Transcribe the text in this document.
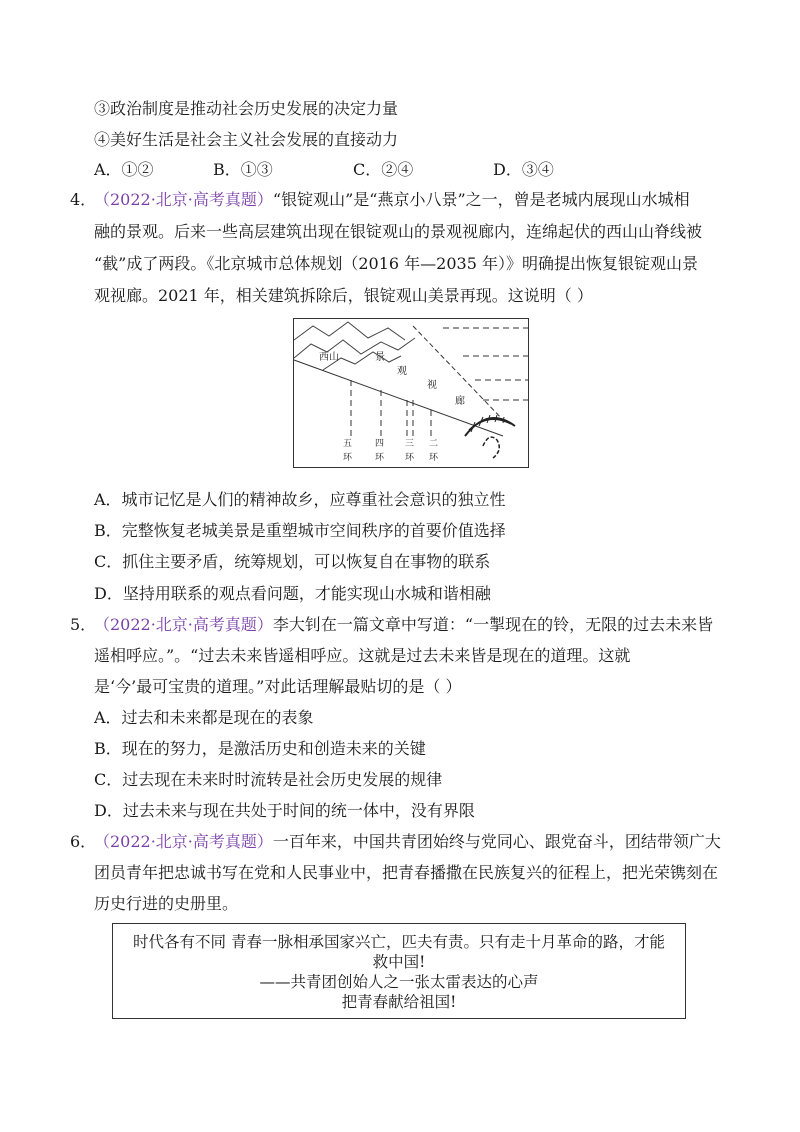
③政治制度是推动社会历史发展的决定力量
④美好生活是社会主义社会发展的直接动力
A．①②	B．①③	C．②④	D．③④
4．
（2022·北京·高考真题）“银锭观山”是“燕京小八景”之一，曾是老城内展现山水城相
融的景观。后来一些高层建筑出现在银锭观山的景观视廊内，连绵起伏的西山山脊线被
“截”成了两段。《北京城市总体规划（2016 年—2035 年）》明确提出恢复银锭观山景
观视廊。2021 年，相关建筑拆除后，银锭观山美景再现。这说明（ ）
西山	景
观
视
廊
五
环
四
环
三
环
二
环
A．城市记忆是人们的精神故乡，应尊重社会意识的独立性
B．完整恢复老城美景是重塑城市空间秩序的首要价值选择
C．抓住主要矛盾，统筹规划，可以恢复自在事物的联系
D．坚持用联系的观点看问题，才能实现山水城和谐相融
5．
（2022·北京·高考真题）李大钊在一篇文章中写道：“一掣现在的铃，无限的过去未来皆
遥相呼应。”。“过去未来皆遥相呼应。这就是过去未来皆是现在的道理。这就
是‘今’最可宝贵的道理。”对此话理解最贴切的是（ ）
A．过去和未来都是现在的表象
B．现在的努力，是激活历史和创造未来的关键
C．过去现在未来时时流转是社会历史发展的规律
D．过去未来与现在共处于时间的统一体中，没有界限
6．
（2022·北京·高考真题）一百年来，中国共青团始终与党同心、跟党奋斗，团结带领广大
团员青年把忠诚书写在党和人民事业中，把青春播撒在民族复兴的征程上，把光荣镌刻在
历史行进的史册里。
时代各有不同 青春一脉相承国家兴亡，匹夫有责。只有走十月革命的路，才能
救中国!
——共青团创始人之一张太雷表达的心声
把青春献给祖国!
